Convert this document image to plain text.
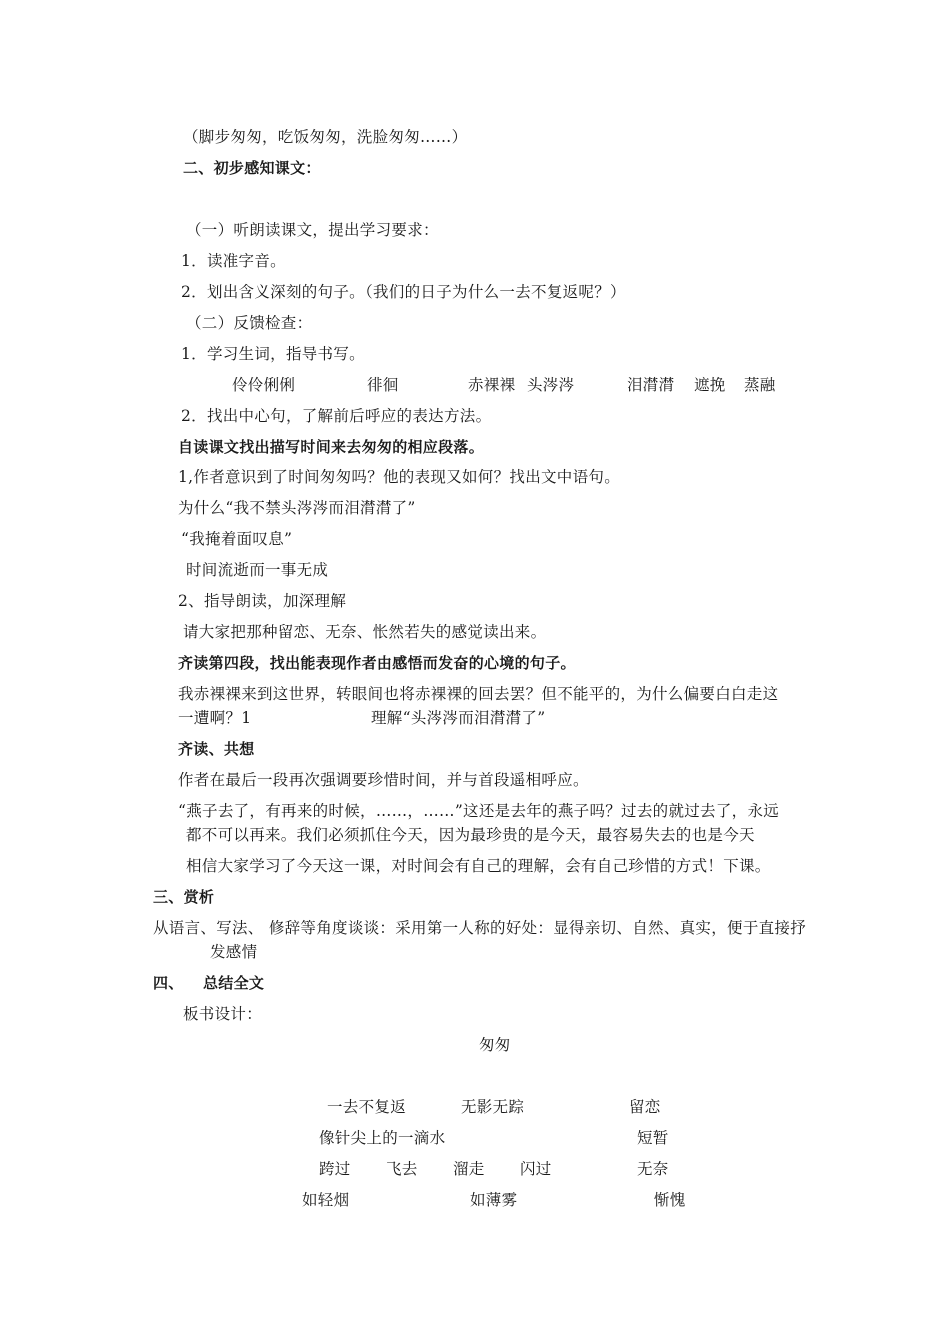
（脚步匆匆，吃饭匆匆，洗脸匆匆……）
二、初步感知课文：
（一）听朗读课文，提出学习要求：
1．读准字音。
2．划出含义深刻的句子。（我们的日子为什么一去不复返呢？）
（二）反馈检查：
1．学习生词，指导书写。
伶伶俐俐	徘徊	赤裸裸 头涔涔	泪潸潸 遮挽 蒸融
2．找出中心句，了解前后呼应的表达方法。
自读课文找出描写时间来去匆匆的相应段落。
1,作者意识到了时间匆匆吗？他的表现又如何？找出文中语句。
为什么“我不禁头涔涔而泪潸潸了”
“我掩着面叹息”
时间流逝而一事无成
2、指导朗读，加深理解
请大家把那种留恋、无奈、怅然若失的感觉读出来。
齐读第四段，找出能表现作者由感悟而发奋的心境的句子。
我赤裸裸来到这世界，转眼间也将赤裸裸的回去罢？但不能平的，为什么偏要白白走这
一遭啊？1	理解“头涔涔而泪潸潸了”
齐读、共想
作者在最后一段再次强调要珍惜时间，并与首段遥相呼应。
“燕子去了，有再来的时候，……，……”这还是去年的燕子吗？过去的就过去了，永远
都不可以再来。我们必须抓住今天，因为最珍贵的是今天，最容易失去的也是今天
相信大家学习了今天这一课，对时间会有自己的理解，会有自己珍惜的方式！下课。
三、赏析
从语言、写法、 修辞等角度谈谈：采用第一人称的好处：显得亲切、自然、真实，便于直接抒
发感情
四、 总结全文
板书设计：
匆匆
一去不复返	无影无踪	留恋
像针尖上的一滴水	短暂
跨过 飞去 溜走 闪过	无奈
如轻烟	如薄雾	惭愧
